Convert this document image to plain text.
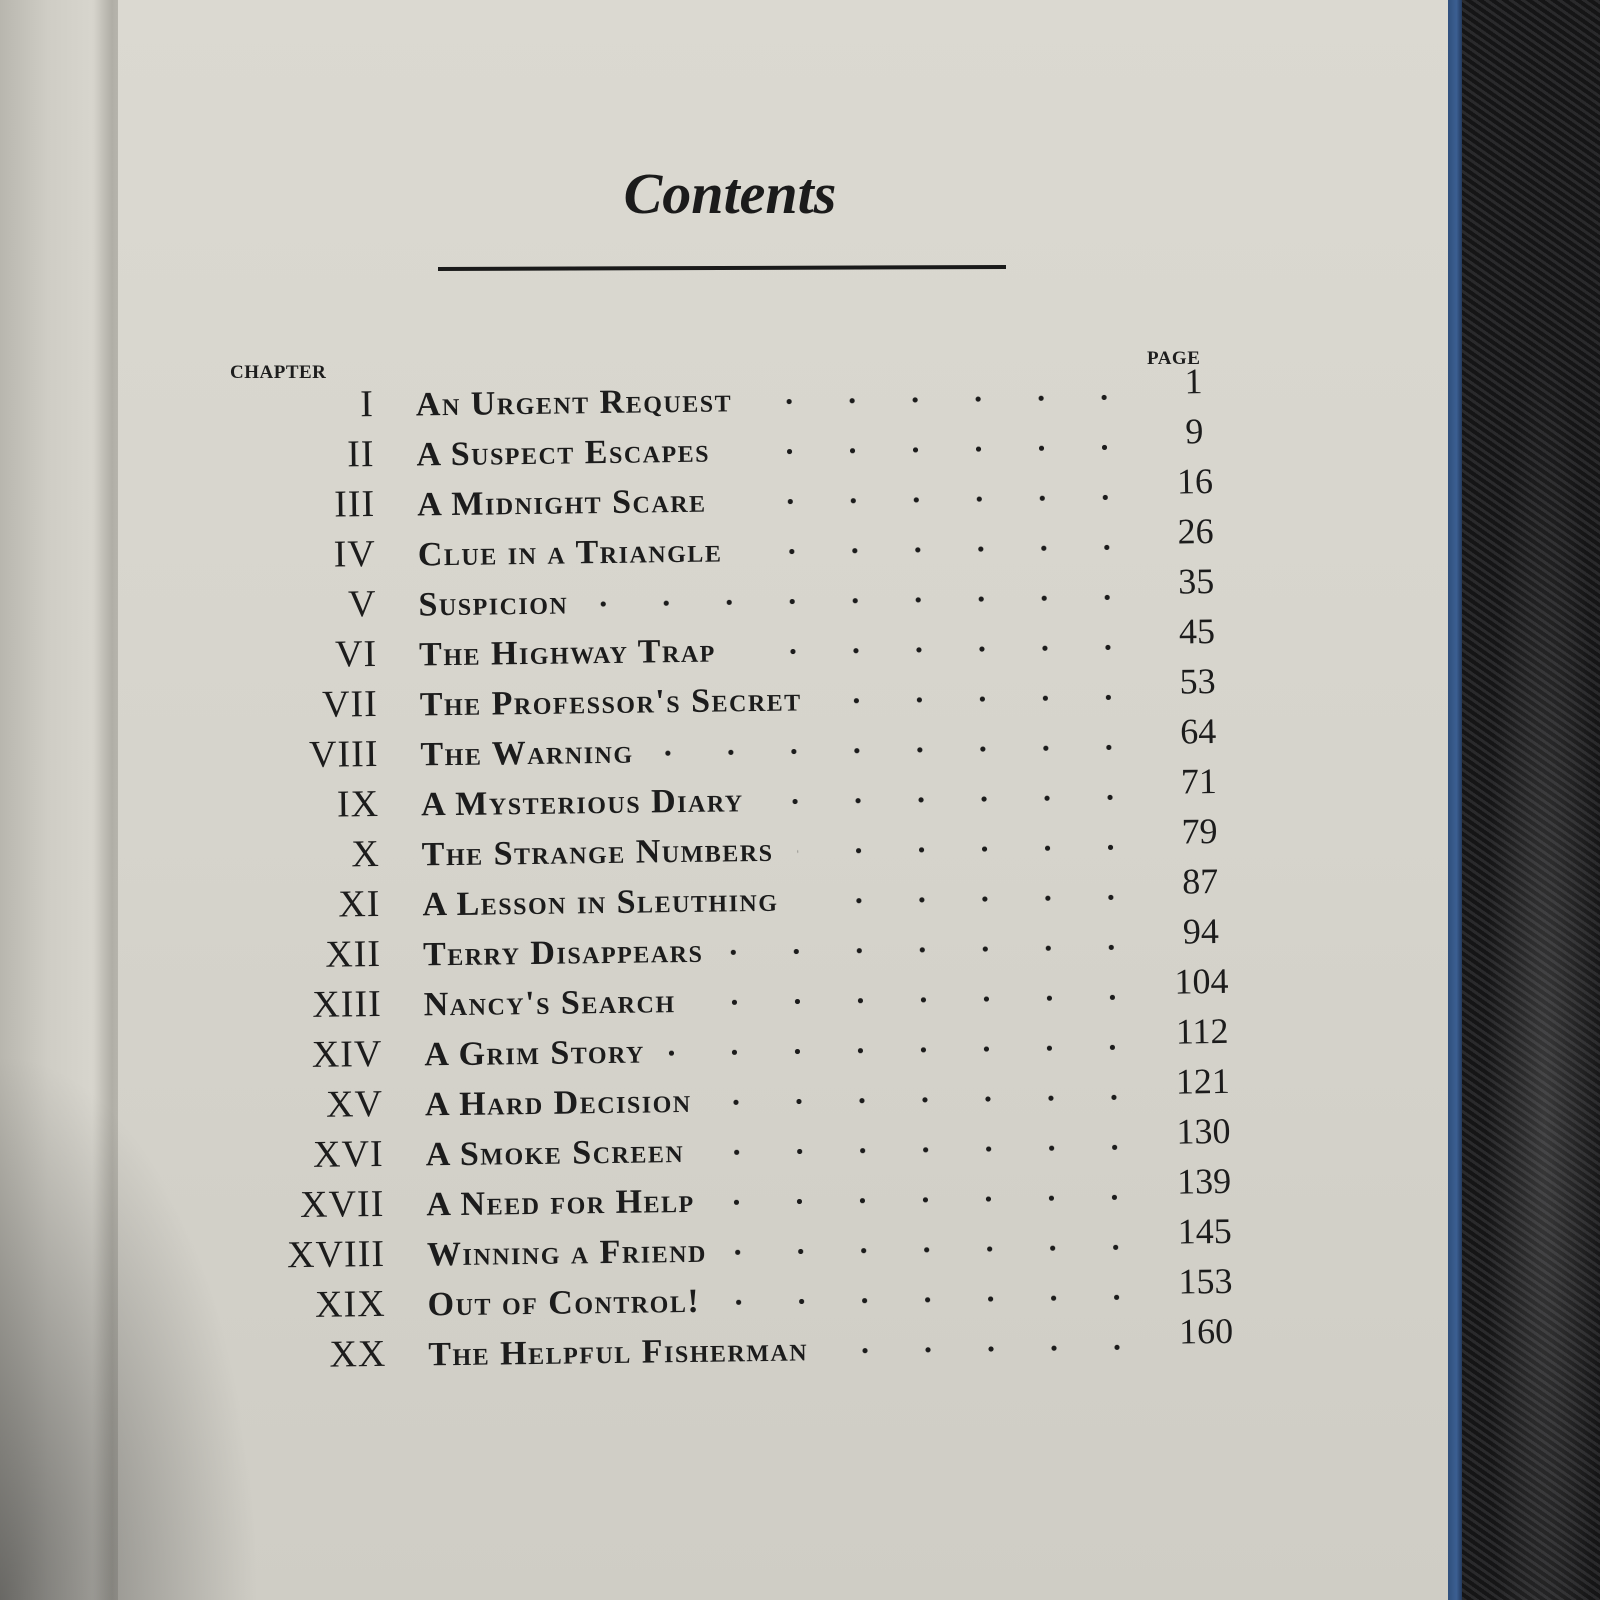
Contents
CHAPTER
PAGE
I An Urgent Request
1
II A Suspect Escapes
9
III A Midnight Scare
16
IV Clue in a Triangle
26
V Suspicion
35
VI The Highway Trap
45
VII The Professor's Secret
53
VIII The Warning
64
IX A Mysterious Diary
71
X The Strange Numbers
79
XI A Lesson in Sleuthing
87
XII Terry Disappears
94
XIII Nancy's Search
104
XIV A Grim Story
112
XV A Hard Decision
121
XVI A Smoke Screen
130
XVII A Need for Help
139
XVIII Winning a Friend
145
XIX Out of Control!
153
XX The Helpful Fisherman
160
